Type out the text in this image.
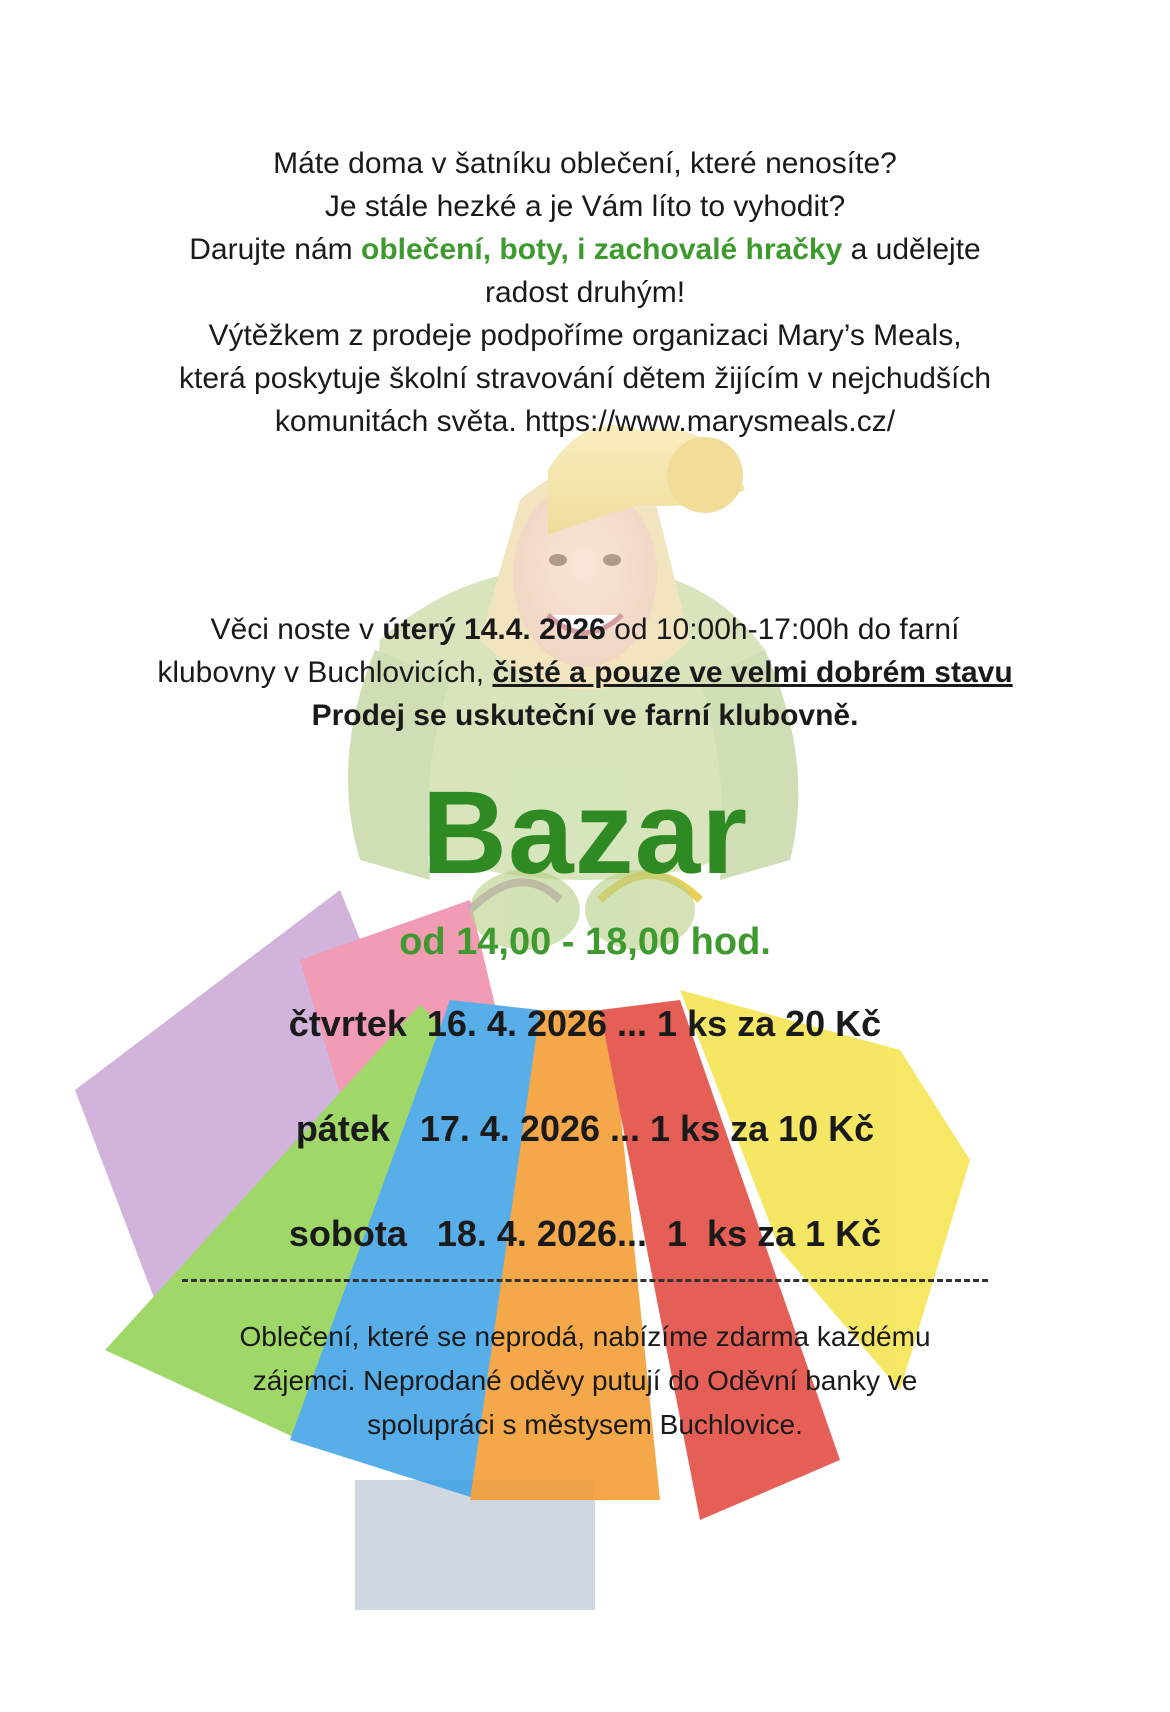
Máte doma v šatníku oblečení, které nenosíte?

Je stále hezké a je Vám líto to vyhodit?

Darujte nám oblečení, boty, i zachovalé hračky a udělejte

radost druhým!

Výtěžkem z prodeje podpoříme organizaci Mary’s Meals,

která poskytuje školní stravování dětem žijícím v nejchudších

komunitách světa. https://www.marysmeals.cz/

Věci noste v úterý 14.4. 2026 od 10:00h-17:00h do farní

klubovny v Buchlovicích, čisté a pouze ve velmi dobrém stavu

Prodej se uskuteční ve farní klubovně.

Bazar
od 14,00 - 18,00 hod.
čtvrtek  16. 4. 2026 ... 1 ks za 20 Kč
pátek   17. 4. 2026 ... 1 ks za 10 Kč
sobota   18. 4. 2026...  1  ks za 1 Kč

Oblečení, které se neprodá, nabízíme zdarma každému

zájemci. Neprodané oděvy putují do Oděvní banky ve

spolupráci s městysem Buchlovice.
